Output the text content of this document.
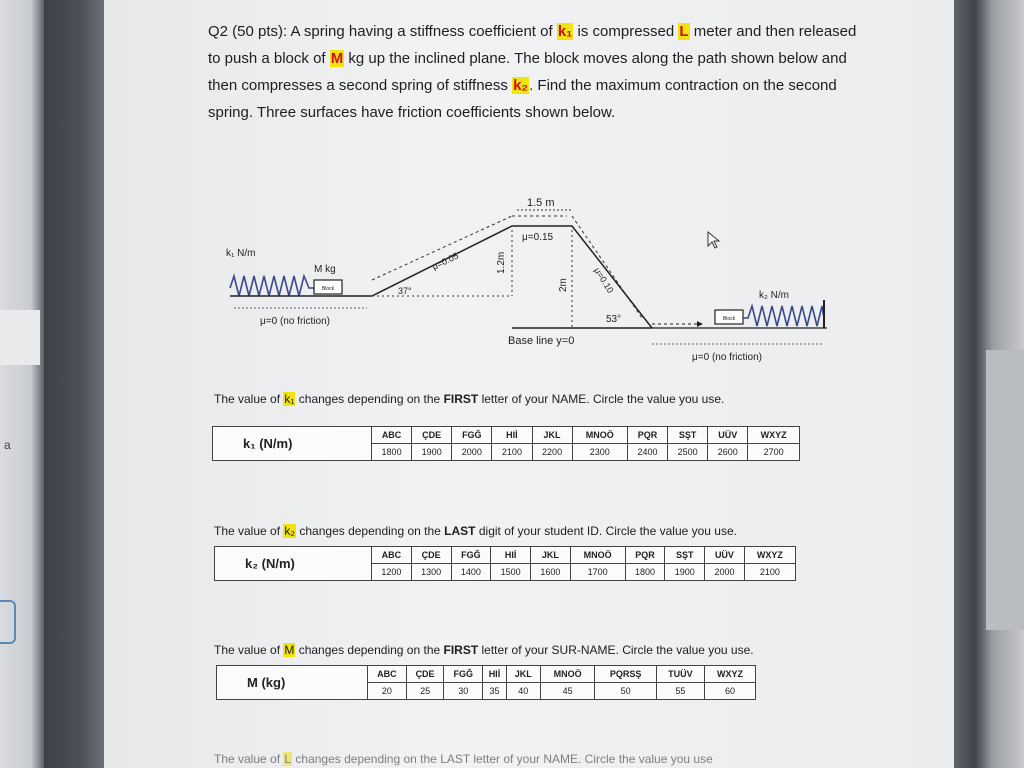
a

Q2 (50 pts): A spring having a stiffness coefficient of k₁ is compressed L meter and then released to push a block of M kg up the inclined plane. The block moves along the path shown below and then compresses a second spring of stiffness k₂. Find the maximum contraction on the second spring. Three surfaces have friction coefficients shown below.

Block
Block
k₁ N/m
M kg
μ=0 (no friction)
37°
μ=0.05	1.2m
1.5 m
μ=0.15
2m	μ=0.10
53°
Base line y=0
k₂ N/m
μ=0 (no friction)

The value of k₁ changes depending on the FIRST letter of your NAME. Circle the value you use.

k₁ (N/m)	ABC	ÇDE	FGĞ	HIİ	JKL	MNOÖ	PQR	SŞT	UÜV	WXYZ
	1800	1900	2000	2100	2200	2300	2400	2500	2600	2700

The value of k₂ changes depending on the LAST digit of your student ID. Circle the value you use.

k₂ (N/m)	ABC	ÇDE	FGĞ	HIİ	JKL	MNOÖ	PQR	SŞT	UÜV	WXYZ
	1200	1300	1400	1500	1600	1700	1800	1900	2000	2100

The value of M changes depending on the FIRST letter of your SUR-NAME. Circle the value you use.

M (kg)	ABC	ÇDE	FGĞ	HIİ	JKL	MNOÖ	PQRSŞ	TUÜV	WXYZ
	20	25	30	35	40	45	50	55	60

The value of L changes depending on the LAST letter of your NAME. Circle the value you use
